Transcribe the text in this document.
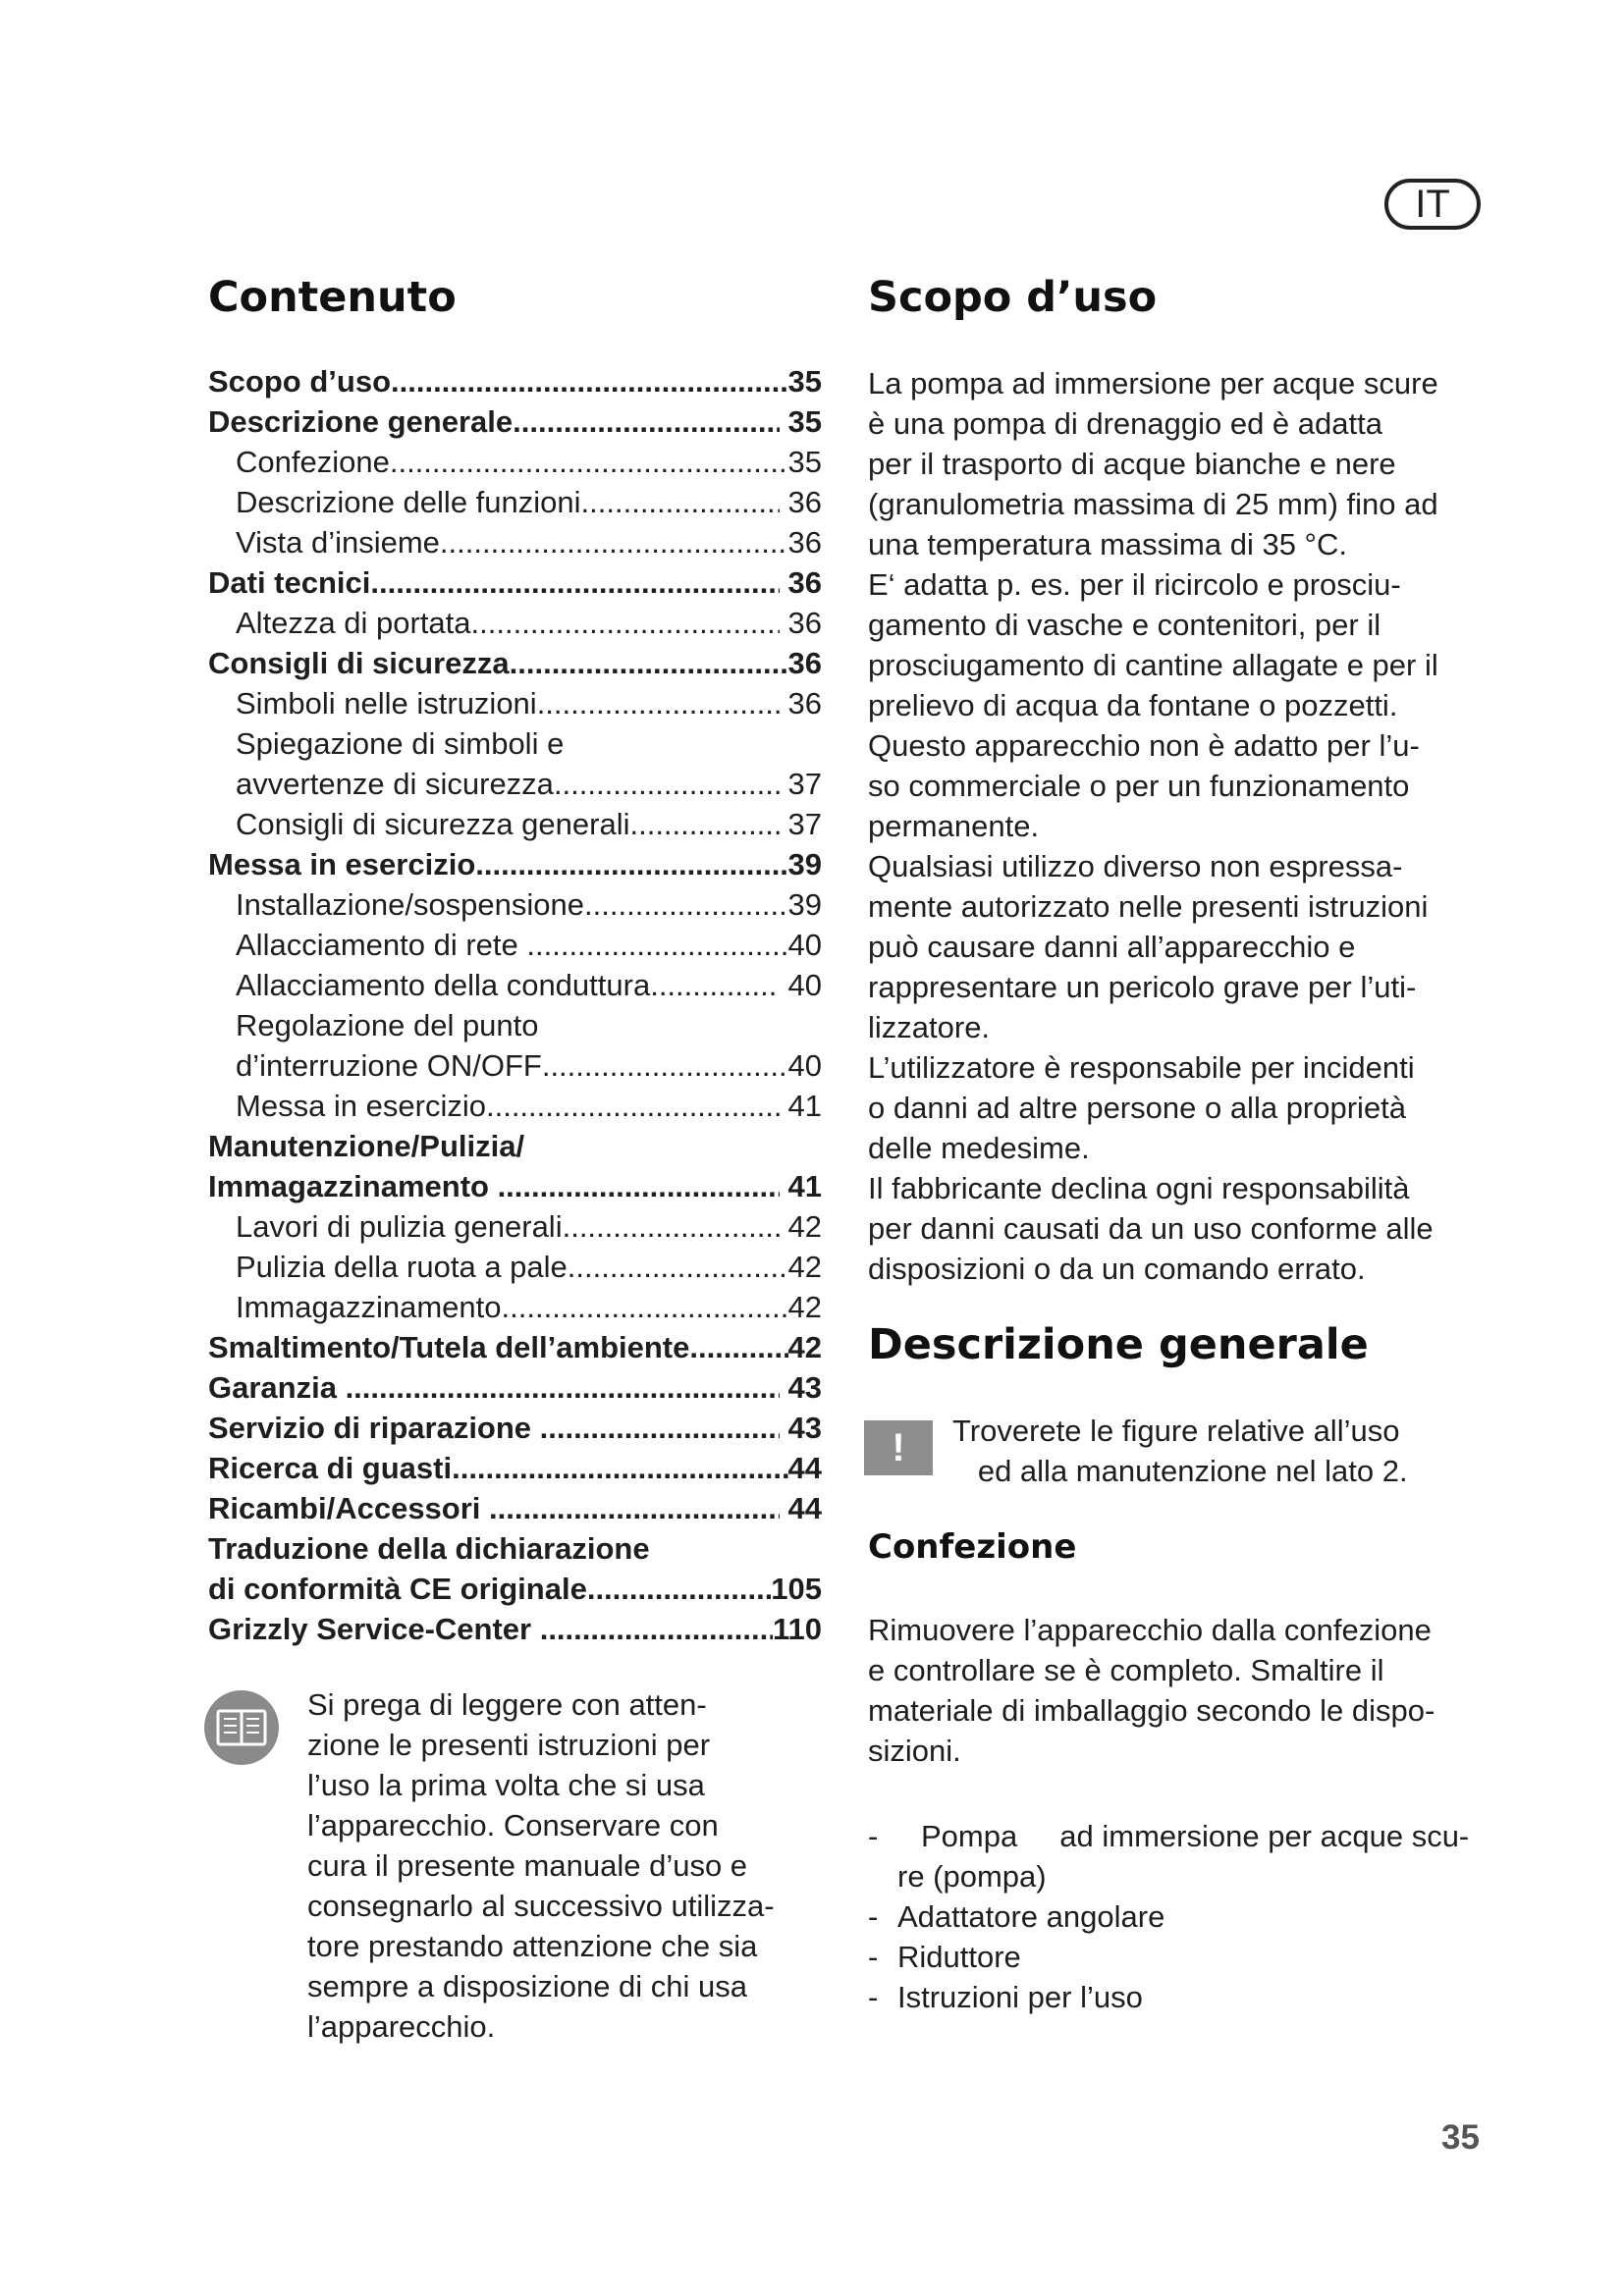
IT
Contenuto
Scopo d’uso .....	35
Descrizione generale .....	35
Confezione .....	35
Descrizione delle funzioni .....	36
Vista d’insieme .....	36
Dati tecnici .....	36
Altezza di portata .....	36
Consigli di sicurezza .....	36
Simboli nelle istruzioni .....	36
Spiegazione di simboli e
avvertenze di sicurezza .....	37
Consigli di sicurezza generali .....	37
Messa in esercizio .....	39
Installazione/sospensione .....	39
Allacciamento di rete .....	40
Allacciamento della conduttura .....	40
Regolazione del punto
d’interruzione ON/OFF .....	40
Messa in esercizio .....	41
Manutenzione/Pulizia/
Immagazzinamento .....	41
Lavori di pulizia generali .....	42
Pulizia della ruota a pale .....	42
Immagazzinamento .....	42
Smaltimento/Tutela dell’ambiente .....	42
Garanzia .....	43
Servizio di riparazione .....	43
Ricerca di guasti .....	44
Ricambi/Accessori .....	44
Traduzione della dichiarazione
di conformità CE originale .....	105
Grizzly Service-Center .....	110

Si prega di leggere con atten-
zione le presenti istruzioni per
l’uso la prima volta che si usa
l’apparecchio. Conservare con
cura il presente manuale d’uso e
consegnarlo al successivo utilizza-
tore prestando attenzione che sia
sempre a disposizione di chi usa
l’apparecchio.

Scopo d’uso

La pompa ad immersione per acque scure
è una pompa di drenaggio ed è adatta
per il trasporto di acque bianche e nere
(granulometria massima di 25 mm) fino ad
una temperatura massima di 35 °C.
E‘ adatta p. es. per il ricircolo e prosciu-
gamento di vasche e contenitori, per il
prosciugamento di cantine allagate e per il
prelievo di acqua da fontane o pozzetti.
Questo apparecchio non è adatto per l’u-
so commerciale o per un funzionamento
permanente.
Qualsiasi utilizzo diverso non espressa-
mente autorizzato nelle presenti istruzioni
può causare danni all’apparecchio e
rappresentare un pericolo grave per l’uti-
lizzatore.
L’utilizzatore è responsabile per incidenti
o danni ad altre persone o alla proprietà
delle medesime.
Il fabbricante declina ogni responsabilità
per danni causati da un uso conforme alle
disposizioni o da un comando errato.

Descrizione generale
!	Troverete le figure relative all’uso
ed alla manutenzione nel lato 2.

Confezione

Rimuovere l’apparecchio dalla confezione
e controllare se è completo. Smaltire il
materiale di imballaggio secondo le dispo-
sizioni.

-	Pompa     ad immersione per acque scu-
re (pompa)
- Adattatore angolare
- Riduttore
- Istruzioni per l’uso
35
